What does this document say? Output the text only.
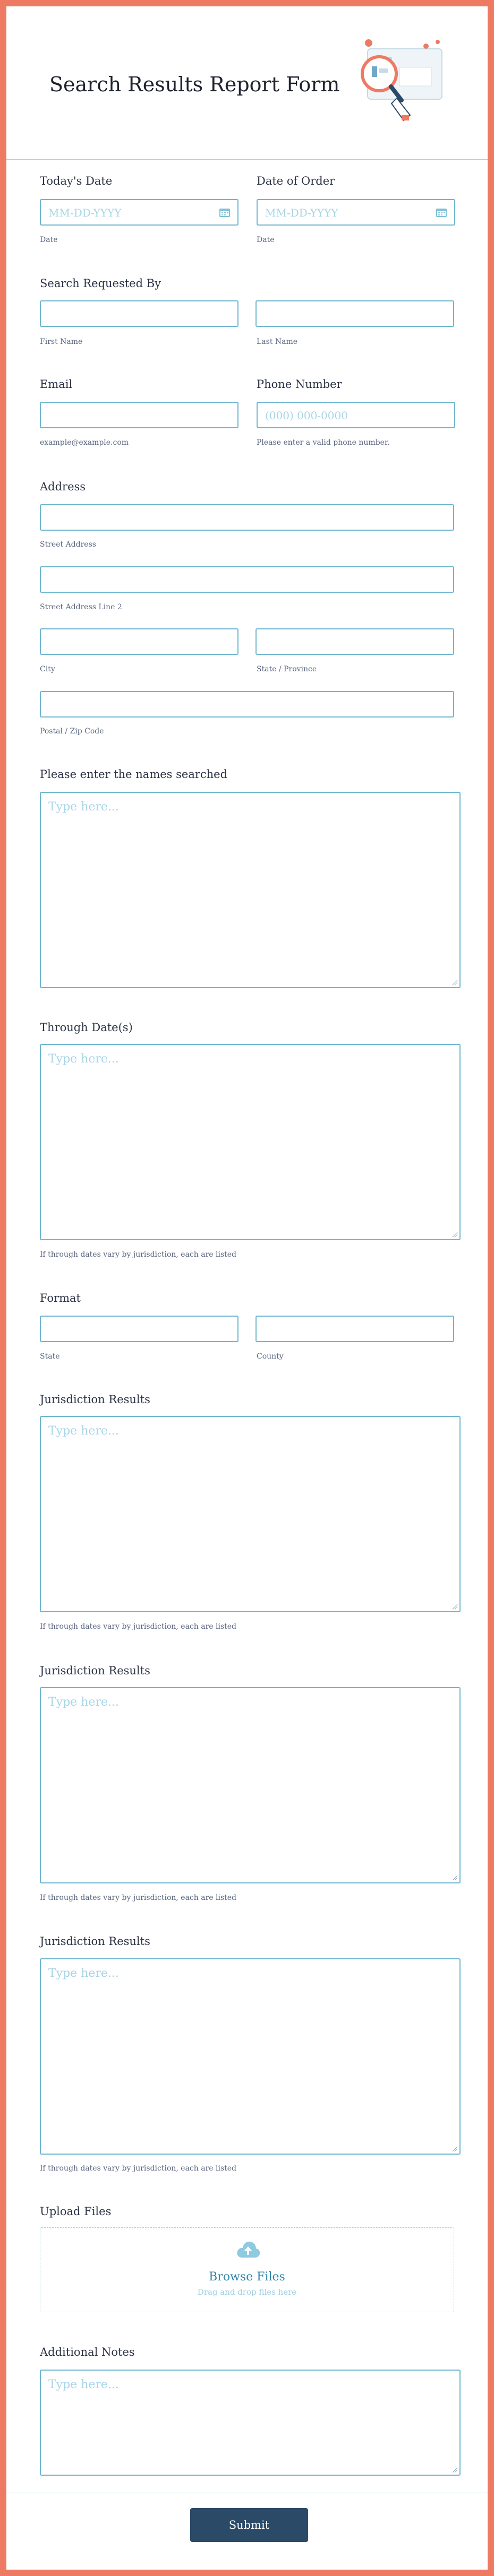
Search Results Report Form
Today's Date
MM-DD-YYYY
Date
Date of Order
MM-DD-YYYY
Date
Search Requested By
First Name	Last Name
Email
example@example.com
Phone Number
(000) 000-0000
Please enter a valid phone number.
Address
Street Address
Street Address Line 2
City	State / Province
Postal / Zip Code
Please enter the names searched
Type here...
Through Date(s)
Type here...
If through dates vary by jurisdiction, each are listed
Format
State	County
Jurisdiction Results
Type here...
If through dates vary by jurisdiction, each are listed
Jurisdiction Results
Type here...
If through dates vary by jurisdiction, each are listed
Jurisdiction Results
Type here...
If through dates vary by jurisdiction, each are listed
Upload Files
Browse Files
Drag and drop files here
Additional Notes
Type here...
Submit
